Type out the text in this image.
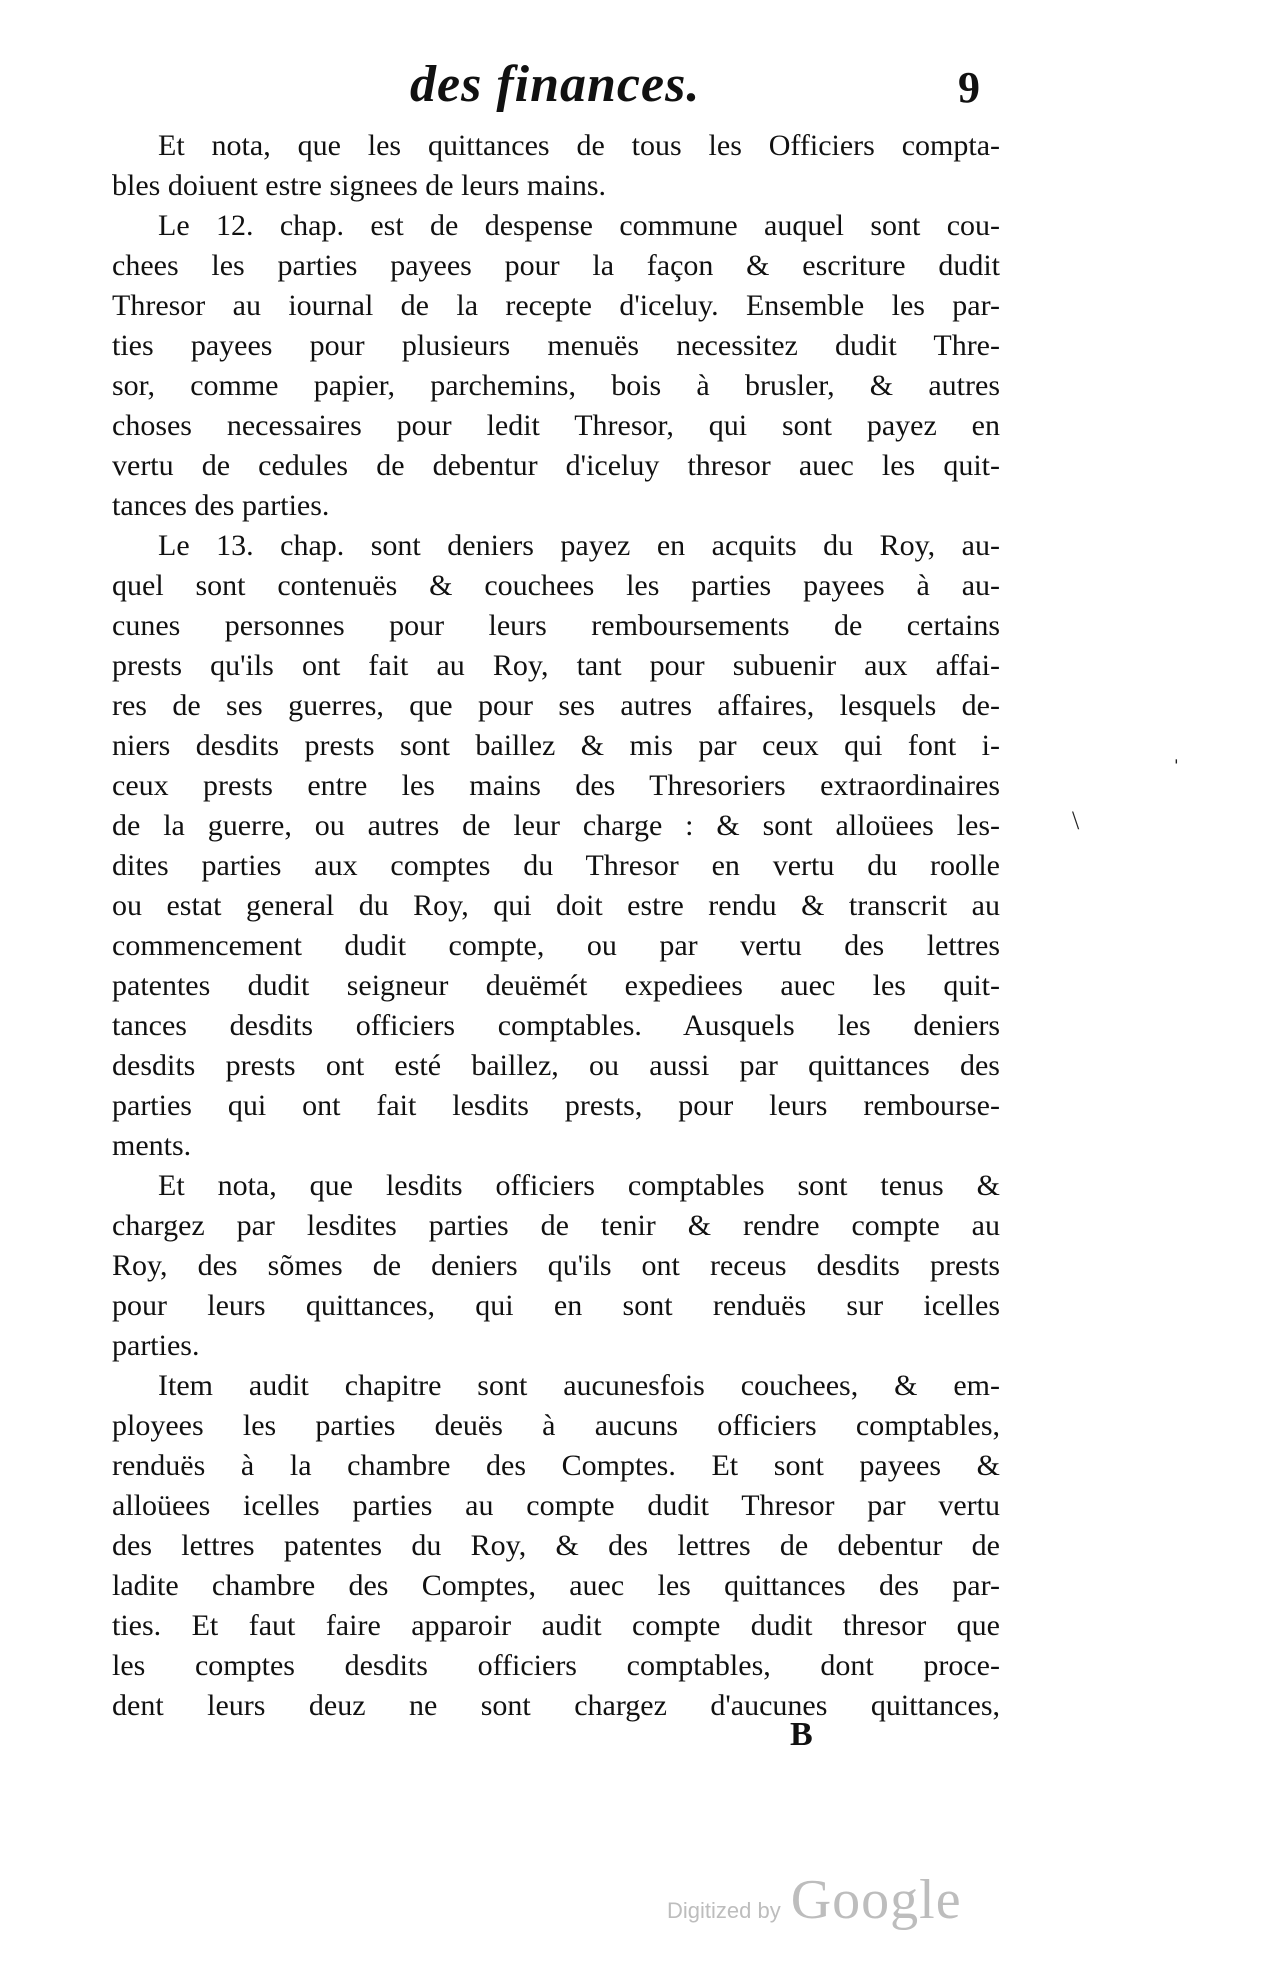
des finances.	9
Et nota, que les quittances de tous les Officiers compta-
bles doiuent estre signees de leurs mains.
Le 12. chap. est de despense commune auquel sont cou-
chees les parties payees pour la façon & escriture dudit
Thresor au iournal de la recepte d'iceluy. Ensemble les par-
ties payees pour plusieurs menuës necessitez dudit Thre-
sor, comme papier, parchemins, bois à brusler, & autres
choses necessaires pour ledit Thresor, qui sont payez en
vertu de cedules de debentur d'iceluy thresor auec les quit-
tances des parties.
Le 13. chap. sont deniers payez en acquits du Roy, au-
quel sont contenuës & couchees les parties payees à au-
cunes personnes pour leurs remboursements de certains
prests qu'ils ont fait au Roy, tant pour subuenir aux affai-
res de ses guerres, que pour ses autres affaires, lesquels de-
niers desdits prests sont baillez & mis par ceux qui font i-
ceux prests entre les mains des Thresoriers extraordinaires
de la guerre, ou autres de leur charge : & sont alloüees les-
dites parties aux comptes du Thresor en vertu du roolle
ou estat general du Roy, qui doit estre rendu & transcrit au
commencement dudit compte, ou par vertu des lettres
patentes dudit seigneur deuëmét expediees auec les quit-
tances desdits officiers comptables. Ausquels les deniers
desdits prests ont esté baillez, ou aussi par quittances des
parties qui ont fait lesdits prests, pour leurs rembourse-
ments.
Et nota, que lesdits officiers comptables sont tenus &
chargez par lesdites parties de tenir & rendre compte au
Roy, des sõmes de deniers qu'ils ont receus desdits prests
pour leurs quittances, qui en sont renduës sur icelles
parties.
Item audit chapitre sont aucunesfois couchees, & em-
ployees les parties deuës à aucuns officiers comptables,
renduës à la chambre des Comptes. Et sont payees &
alloüees icelles parties au compte dudit Thresor par vertu
des lettres patentes du Roy, & des lettres de debentur de
ladite chambre des Comptes, auec les quittances des par-
ties. Et faut faire apparoir audit compte dudit thresor que
les comptes desdits officiers comptables, dont proce-
dent leurs deuz ne sont chargez d'aucunes quittances,
B
ˈ
\
Digitized by Google
